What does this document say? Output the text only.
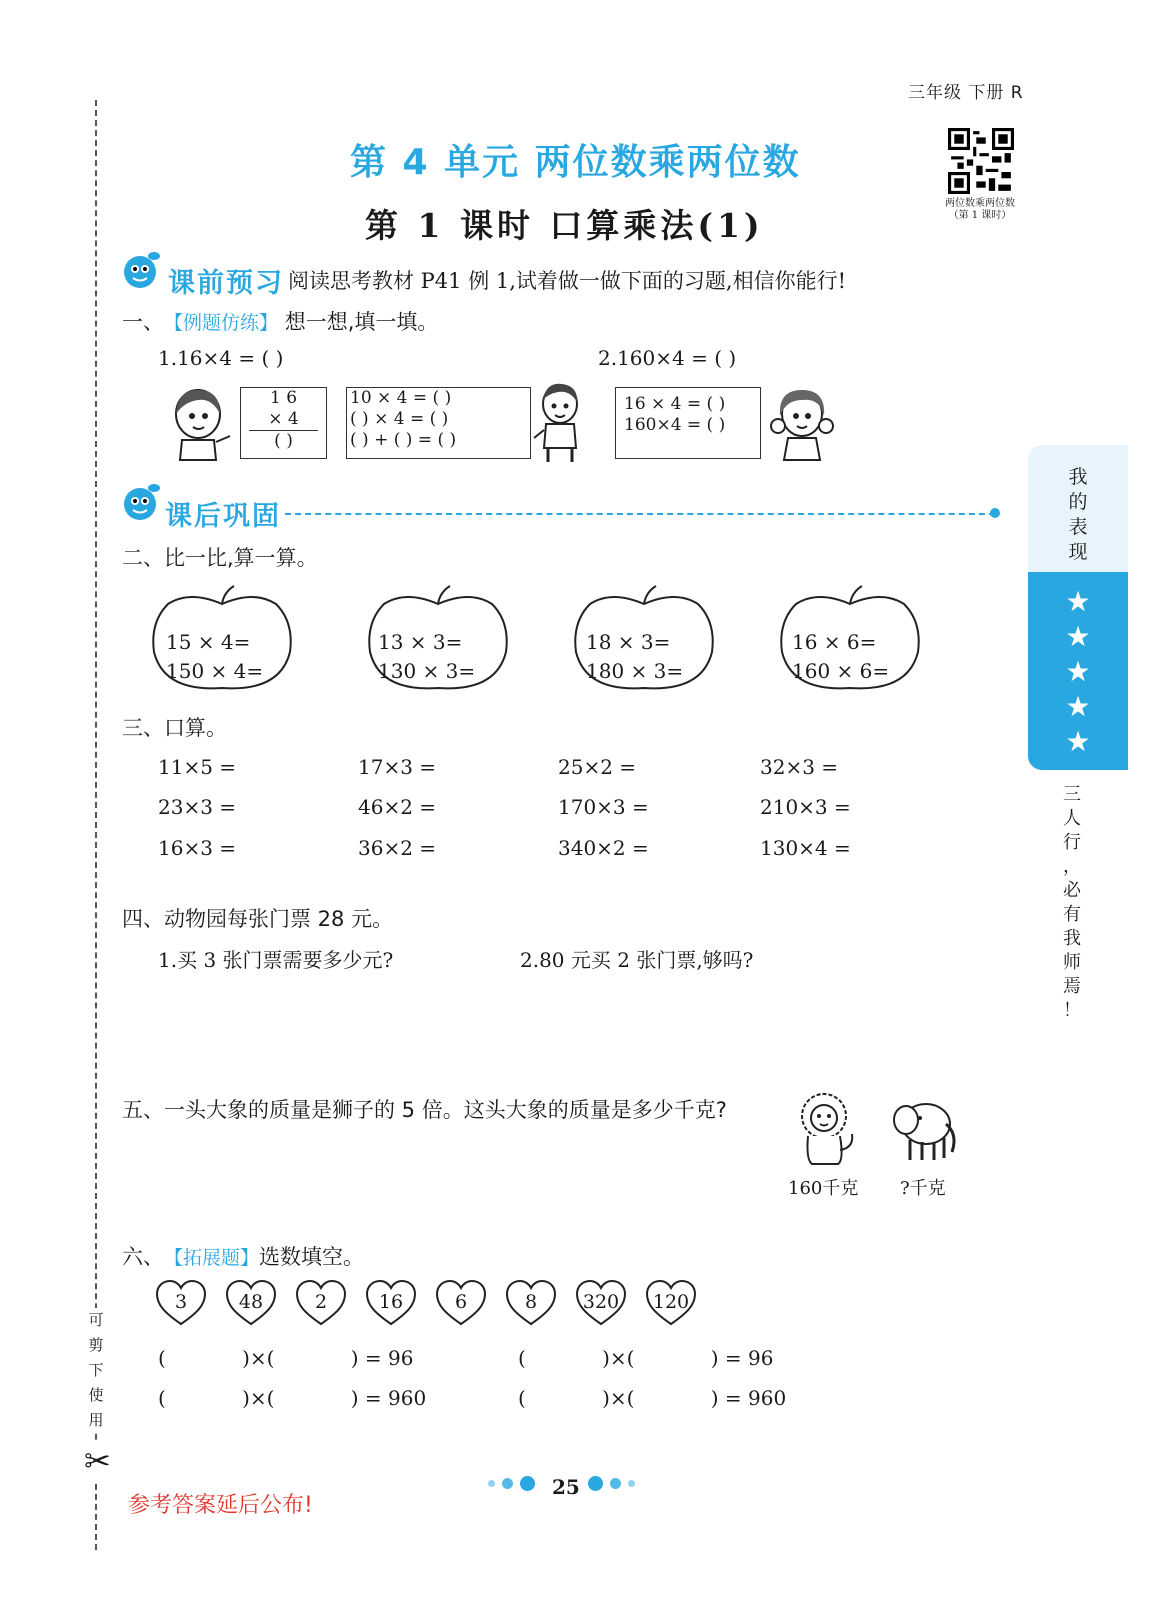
三年级 下册 R
可
剪
下
使
用
✂
第 4 单元 两位数乘两位数
第 1 课时 口算乘法(1)
两位数乘两位数
（第 1 课时）
课前预习 阅读思考教材 P41 例 1,试着做一做下面的习题,相信你能行!
一、【例题仿练】 想一想,填一填。
1.16×4 = ( )	2.160×4 = ( )
1 6
× 4
( )
10 × 4 = ( )
( ) × 4 = ( )
( ) + ( ) = ( )
16 × 4 = ( )
160×4 = ( )
课后巩固
二、比一比,算一算。
15 × 4=
150 × 4=
13 × 3=
130 × 3=
18 × 3=
180 × 3=
16 × 6=
160 × 6=
三、口算。
11×5 =	17×3 =	25×2 =	32×3 =
23×3 =	46×2 =	170×3 =	210×3 =
16×3 =	36×2 =	340×2 =	130×4 =
四、动物园每张门票 28 元。
1.买 3 张门票需要多少元?	2.80 元买 2 张门票,够吗?
五、一头大象的质量是狮子的 5 倍。这头大象的质量是多少千克?
160千克 ?千克
六、【拓展题】选数填空。
3	48	2	16	6	8	320	120
(            )×(            ) = 96	(            )×(            ) = 96
(            )×(            ) = 960	(            )×(            ) = 960
我
的
表
现
★
★
★
★
★
三
人
行
，
必
有
我
师
焉
！
25
参考答案延后公布!
